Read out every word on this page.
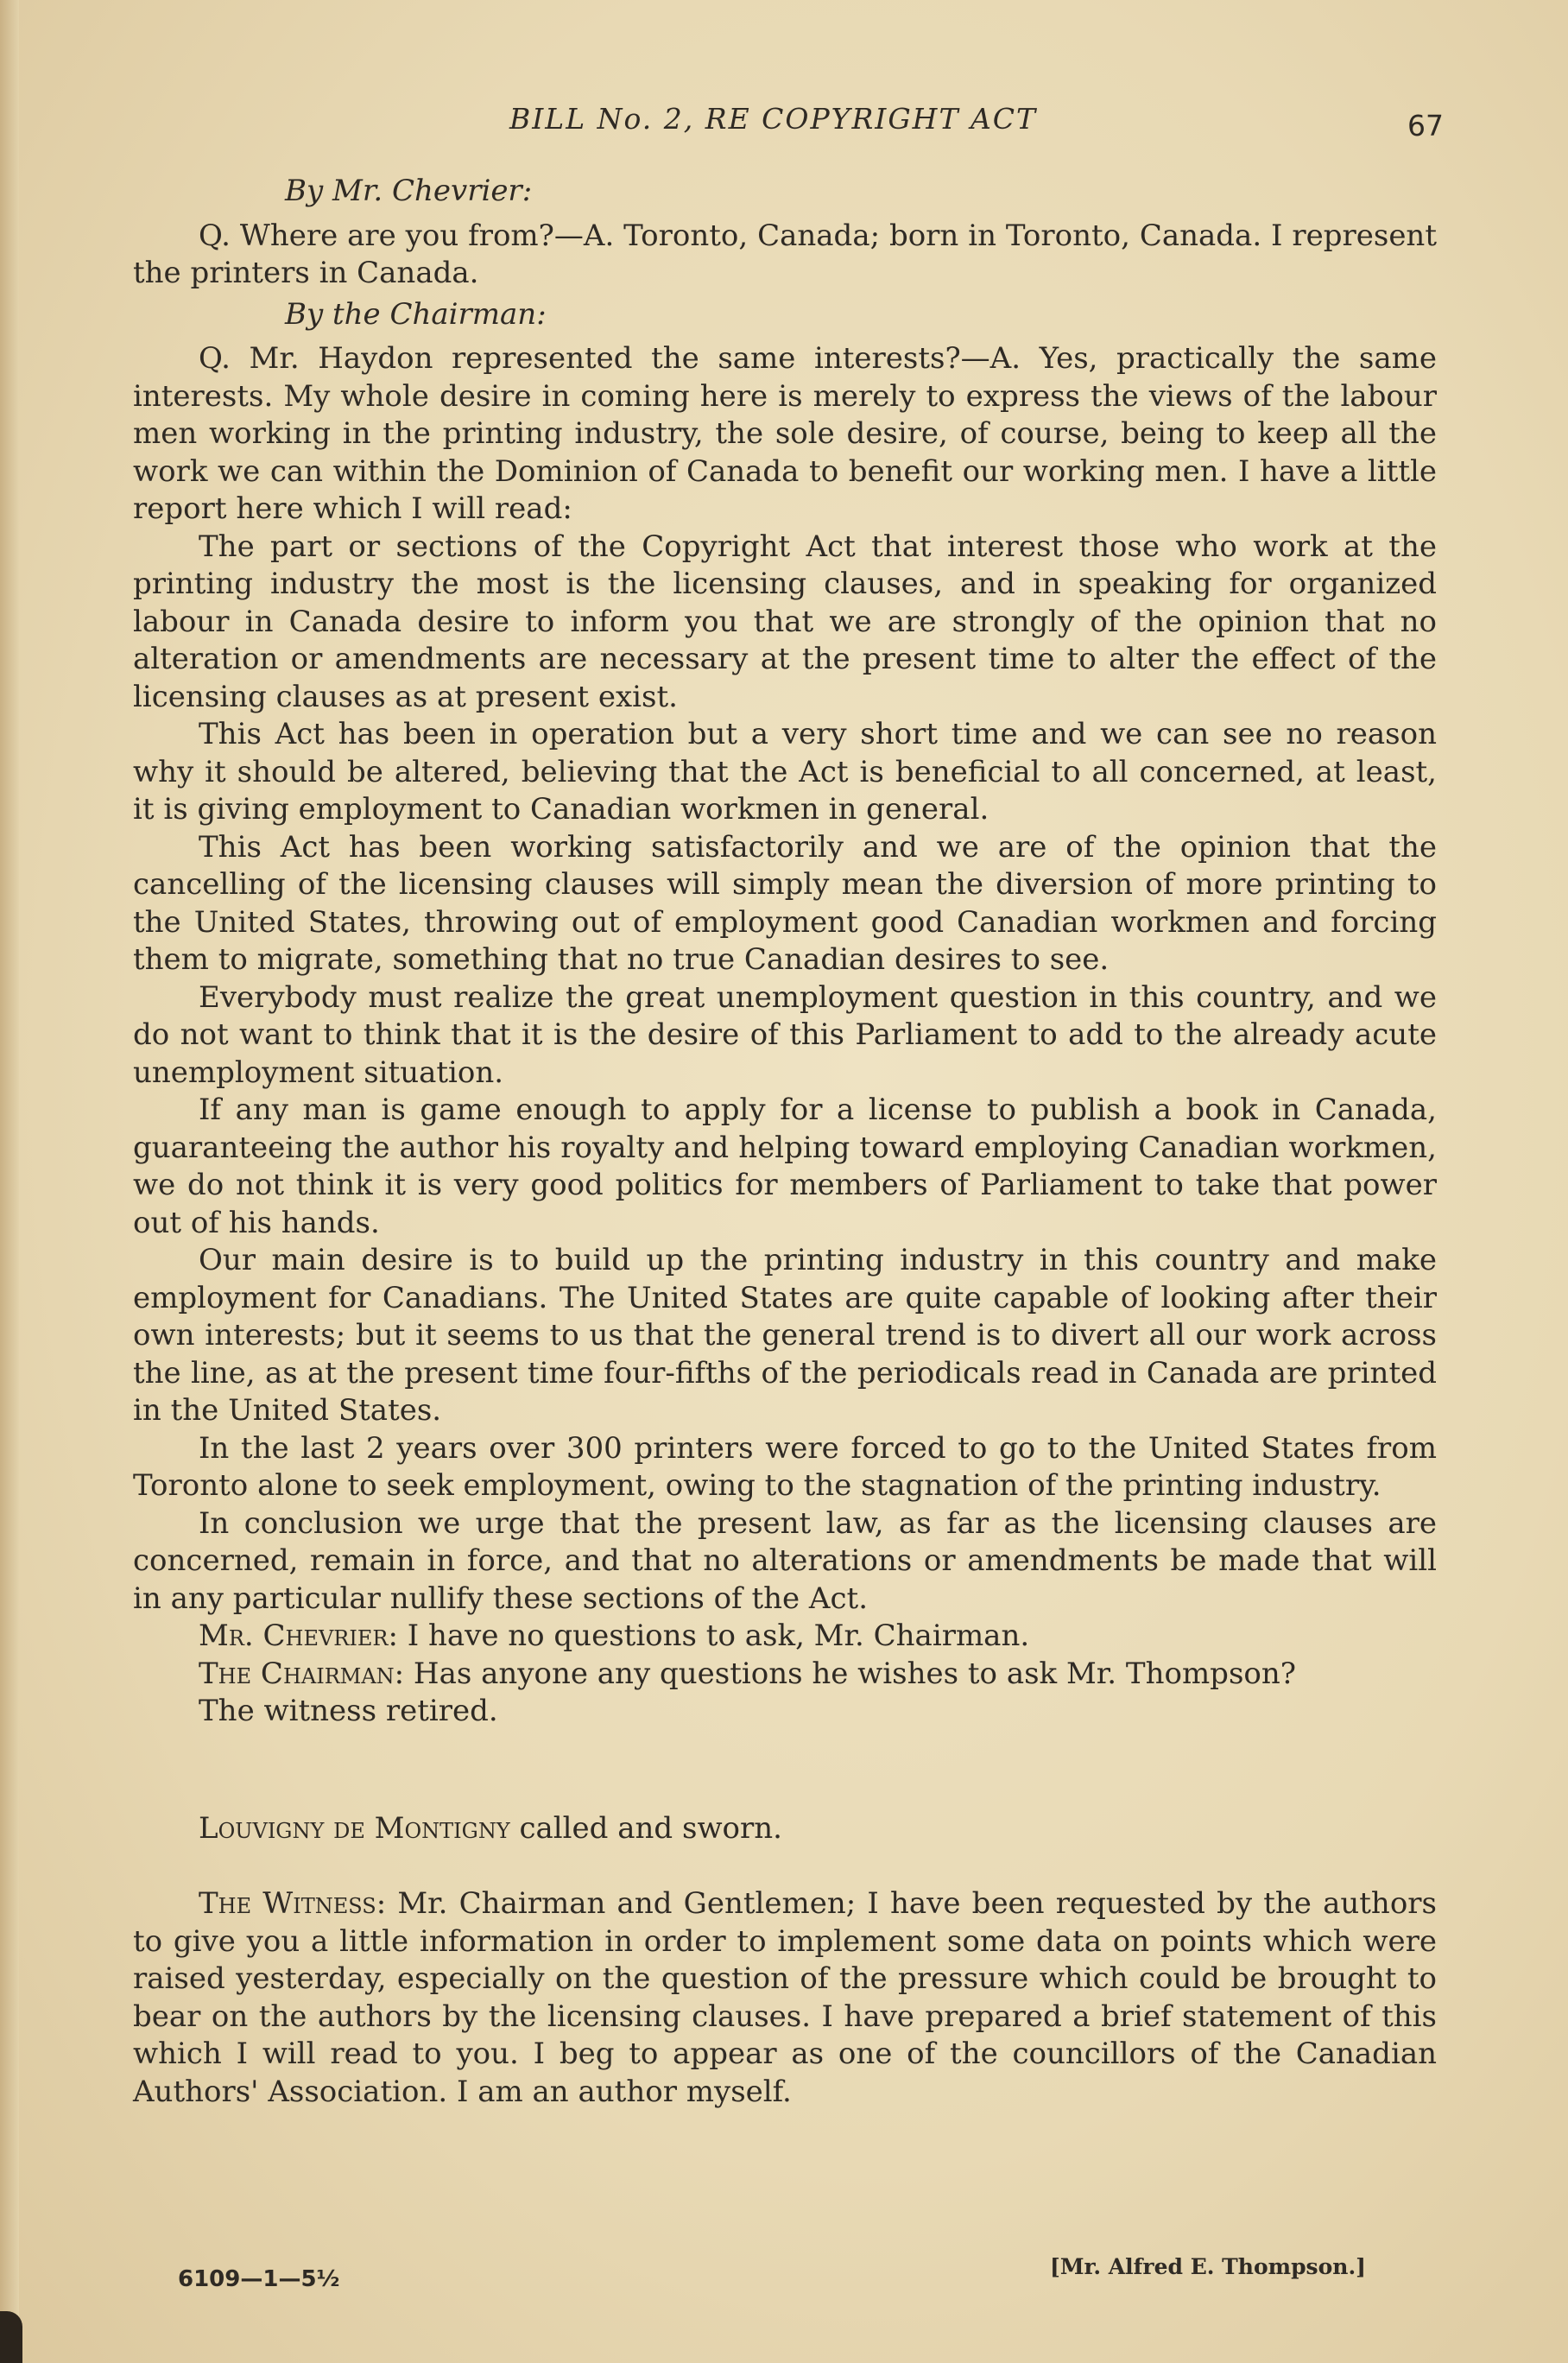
BILL No. 2, RE COPYRIGHT ACT	67

By Mr. Chevrier:

Q. Where are you from?—A. Toronto, Canada; born in Toronto, Canada. I represent the printers in Canada.

By the Chairman:

Q. Mr. Haydon represented the same interests?—A. Yes, practically the same interests. My whole desire in coming here is merely to express the views of the labour men working in the printing industry, the sole desire, of course, being to keep all the work we can within the Dominion of Canada to benefit our working men. I have a little report here which I will read:

The part or sections of the Copyright Act that interest those who work at the printing industry the most is the licensing clauses, and in speaking for organized labour in Canada desire to inform you that we are strongly of the opinion that no alteration or amendments are necessary at the present time to alter the effect of the licensing clauses as at present exist.

This Act has been in operation but a very short time and we can see no reason why it should be altered, believing that the Act is beneficial to all concerned, at least, it is giving employment to Canadian workmen in general.

This Act has been working satisfactorily and we are of the opinion that the cancelling of the licensing clauses will simply mean the diversion of more printing to the United States, throwing out of employment good Canadian workmen and forcing them to migrate, something that no true Canadian desires to see.

Everybody must realize the great unemployment question in this country, and we do not want to think that it is the desire of this Parliament to add to the already acute unemployment situation.

If any man is game enough to apply for a license to publish a book in Canada, guaranteeing the author his royalty and helping toward employing Canadian workmen, we do not think it is very good politics for members of Parliament to take that power out of his hands.

Our main desire is to build up the printing industry in this country and make employment for Canadians. The United States are quite capable of looking after their own interests; but it seems to us that the general trend is to divert all our work across the line, as at the present time four-fifths of the periodicals read in Canada are printed in the United States.

In the last 2 years over 300 printers were forced to go to the United States from Toronto alone to seek employment, owing to the stagnation of the printing industry.

In conclusion we urge that the present law, as far as the licensing clauses are concerned, remain in force, and that no alterations or amendments be made that will in any particular nullify these sections of the Act.

Mr. Chevrier: I have no questions to ask, Mr. Chairman.

The Chairman: Has anyone any questions he wishes to ask Mr. Thompson?

The witness retired.

Louvigny de Montigny called and sworn.

The Witness: Mr. Chairman and Gentlemen; I have been requested by the authors to give you a little information in order to implement some data on points which were raised yesterday, especially on the question of the pressure which could be brought to bear on the authors by the licensing clauses. I have prepared a brief statement of this which I will read to you. I beg to appear as one of the councillors of the Canadian Authors' Association. I am an author myself.

6109—1—5½	[Mr. Alfred E. Thompson.]
